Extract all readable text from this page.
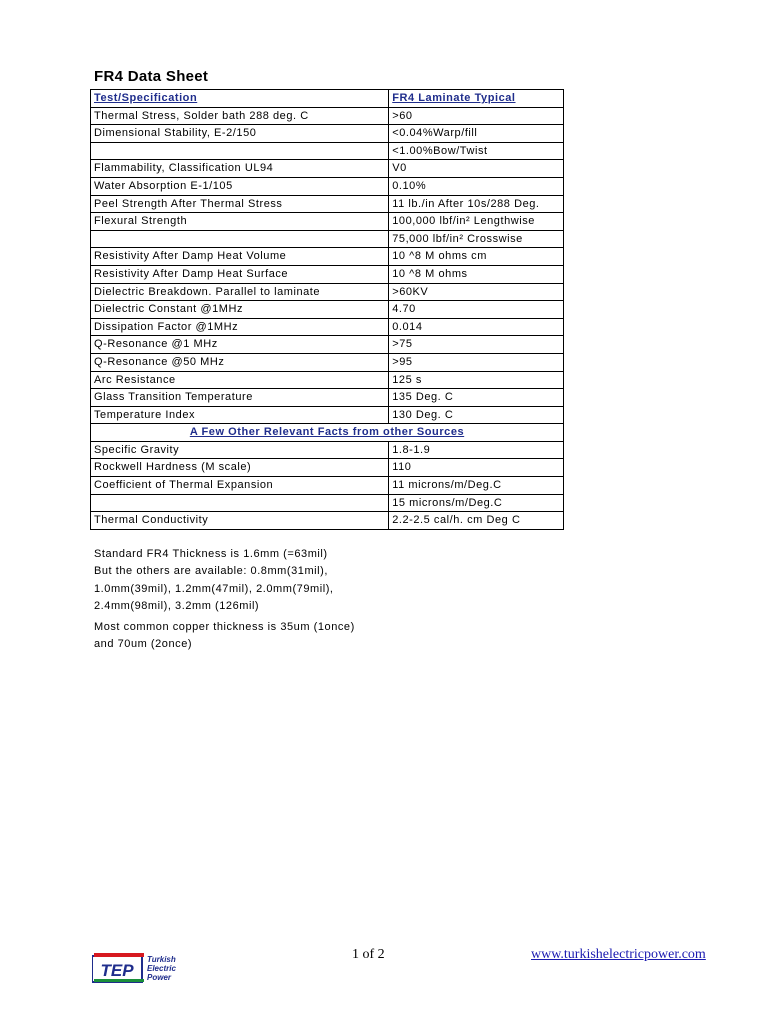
FR4 Data Sheet
Test/Specification	FR4 Laminate Typical
Thermal Stress, Solder bath 288 deg. C	>60
Dimensional Stability, E-2/150	<0.04%Warp/fill
	<1.00%Bow/Twist
Flammability, Classification UL94	V0
Water Absorption E-1/105	0.10%
Peel Strength After Thermal Stress	11 lb./in After 10s/288 Deg.
Flexural Strength	100,000 lbf/in² Lengthwise
	75,000 lbf/in² Crosswise
Resistivity After Damp Heat Volume	10 ^8 M ohms cm
Resistivity After Damp Heat Surface	10 ^8 M ohms
Dielectric Breakdown. Parallel to laminate	>60KV
Dielectric Constant @1MHz	4.70
Dissipation Factor @1MHz	0.014
Q-Resonance @1 MHz	>75
Q-Resonance @50 MHz	>95
Arc Resistance	125 s
Glass Transition Temperature	135 Deg. C
Temperature Index	130 Deg. C
A Few Other Relevant Facts from other Sources	
Specific Gravity	1.8-1.9
Rockwell Hardness (M scale)	110
Coefficient of Thermal Expansion	11 microns/m/Deg.C
	15 microns/m/Deg.C
Thermal Conductivity	2.2-2.5 cal/h. cm Deg C

Standard FR4 Thickness is 1.6mm (=63mil)

But the others are available: 0.8mm(31mil),

1.0mm(39mil), 1.2mm(47mil), 2.0mm(79mil),

2.4mm(98mil), 3.2mm (126mil)

Most common copper thickness is 35um (1once)

and 70um (2once)

TEP
Turkish
Electric
Power
1 of 2	www.turkishelectricpower.com
